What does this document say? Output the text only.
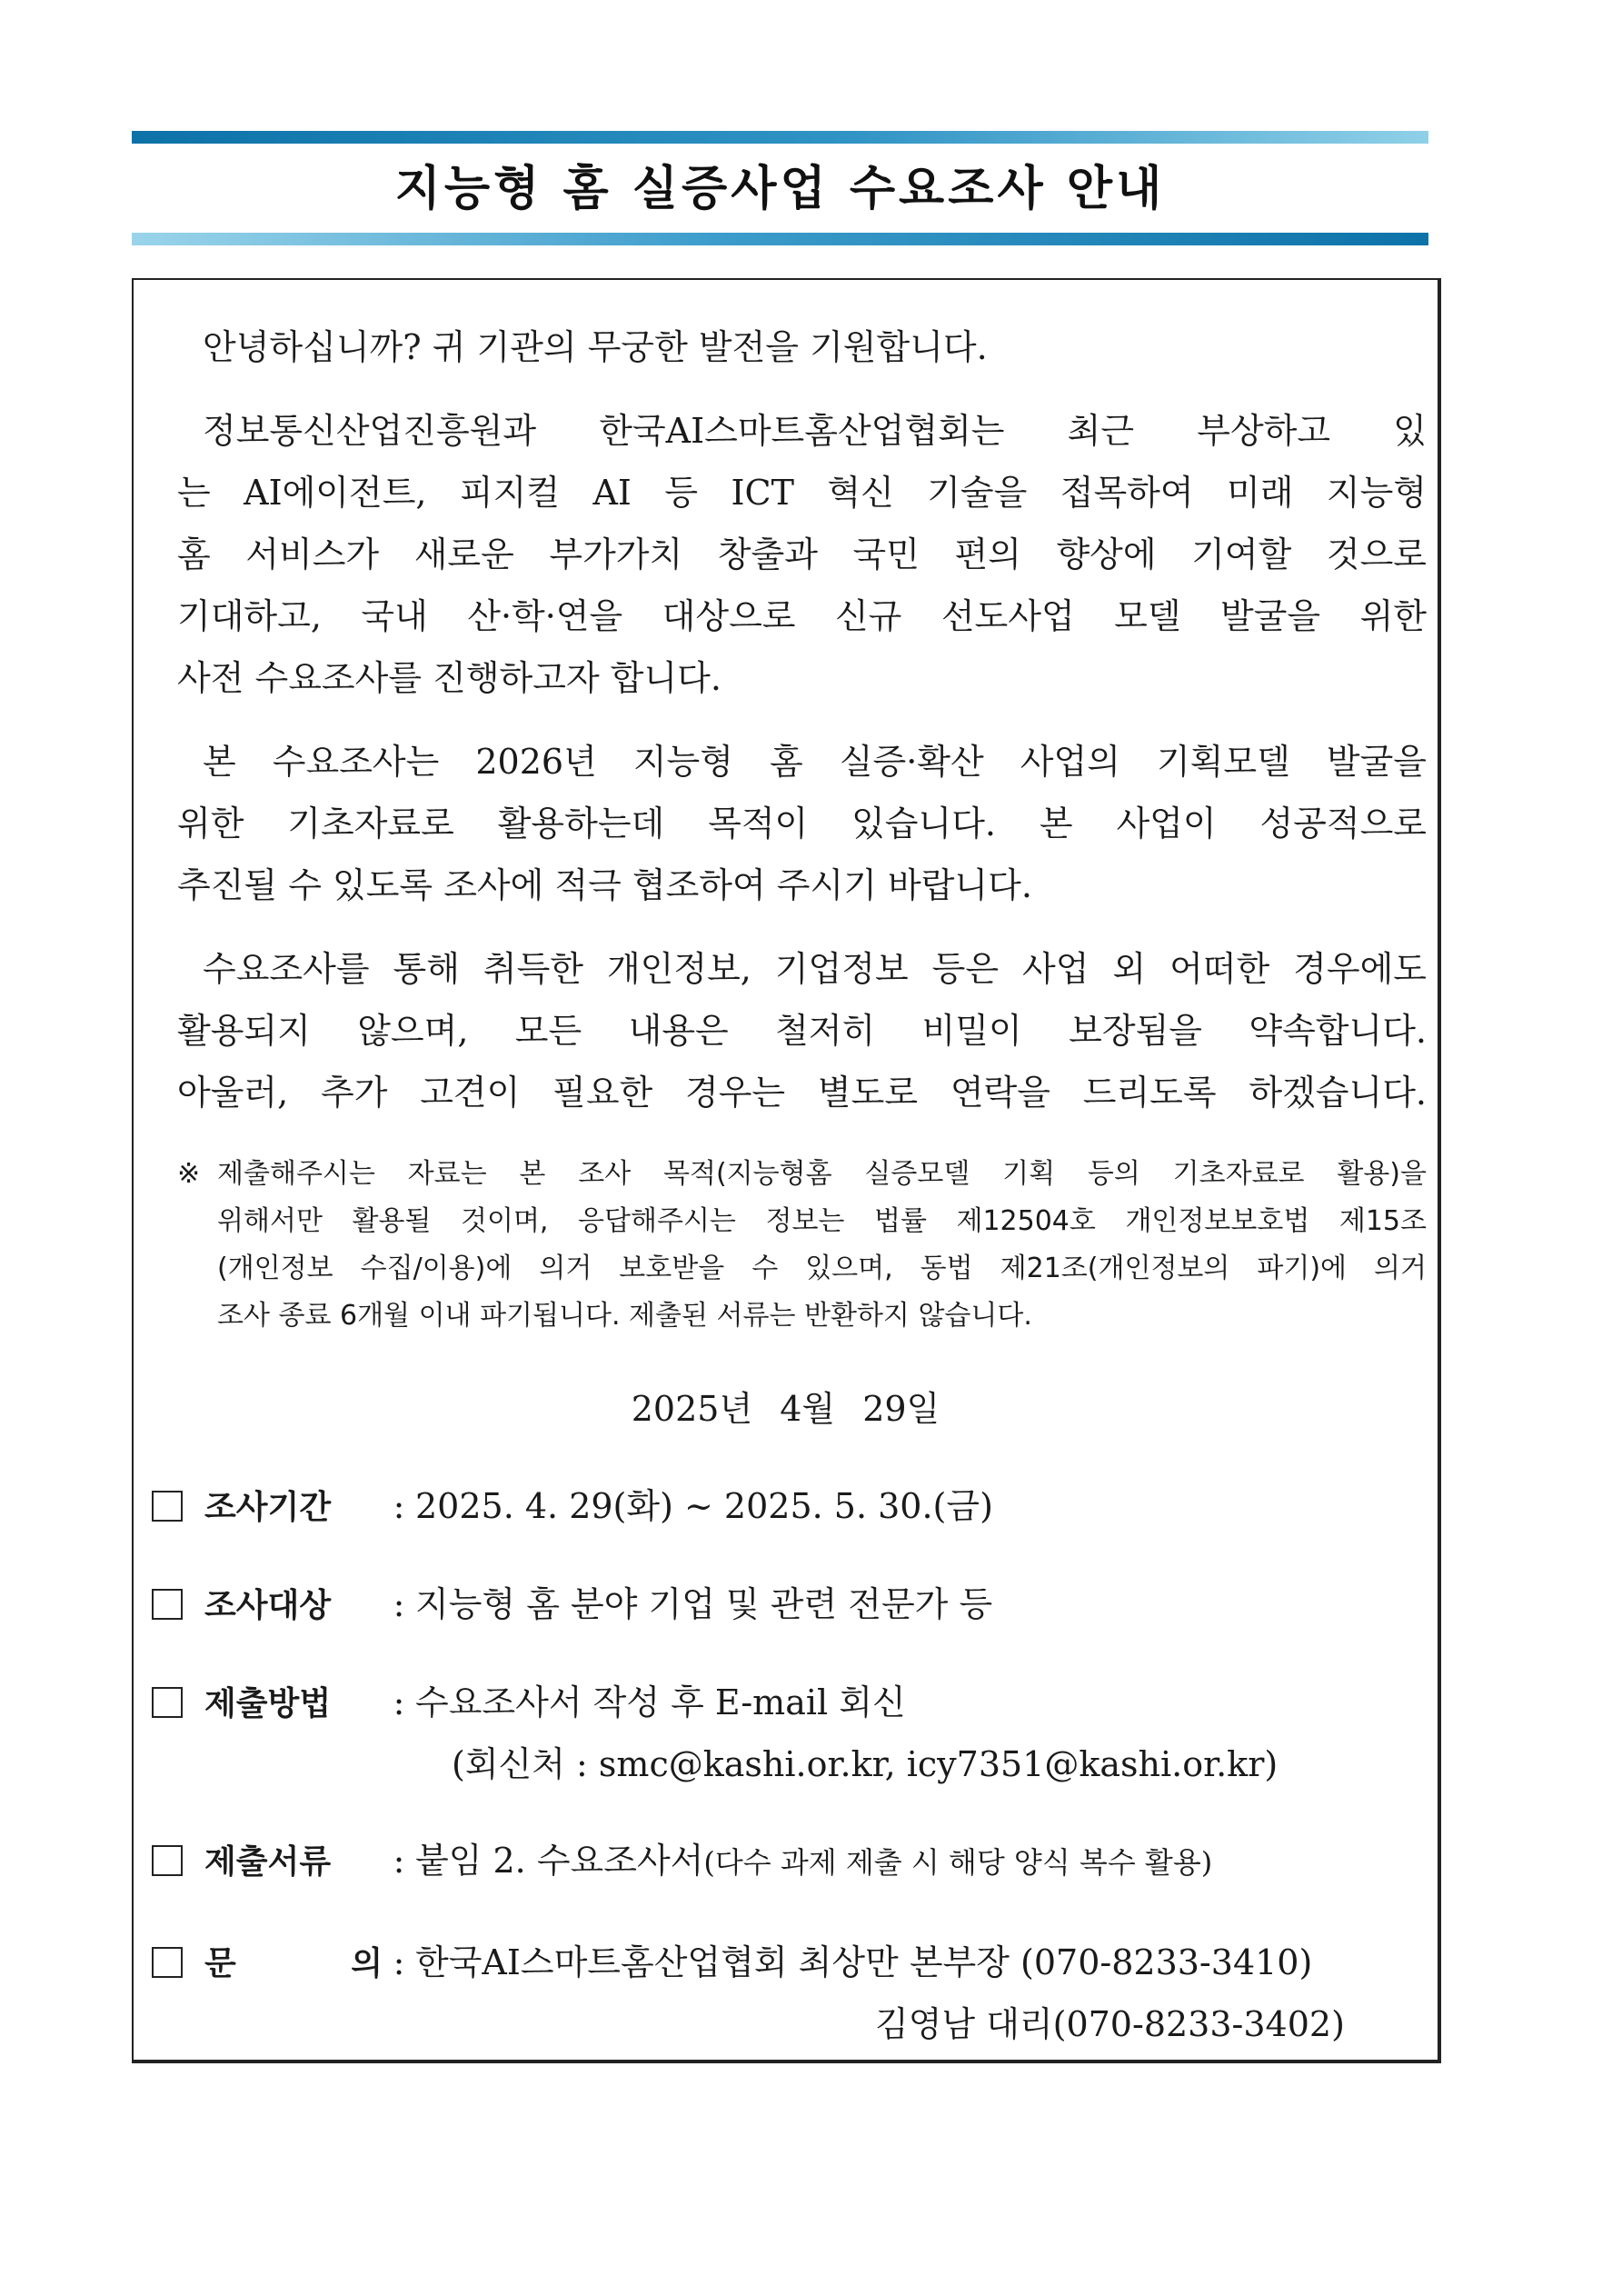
지능형 홈 실증사업 수요조사 안내
안녕하십니까? 귀 기관의 무궁한 발전을 기원합니다.
정보통신산업진흥원과 한국AI스마트홈산업협회는 최근 부상하고 있
는 AI에이전트, 피지컬 AI 등 ICT 혁신 기술을 접목하여 미래 지능형
홈 서비스가 새로운 부가가치 창출과 국민 편의 향상에 기여할 것으로
기대하고, 국내 산·학·연을 대상으로 신규 선도사업 모델 발굴을 위한
사전 수요조사를 진행하고자 합니다.
본 수요조사는 2026년 지능형 홈 실증·확산 사업의 기획모델 발굴을
위한 기초자료로 활용하는데 목적이 있습니다. 본 사업이 성공적으로
추진될 수 있도록 조사에 적극 협조하여 주시기 바랍니다.
수요조사를 통해 취득한 개인정보, 기업정보 등은 사업 외 어떠한 경우에도
활용되지 않으며, 모든 내용은 철저히 비밀이 보장됨을 약속합니다.
아울러, 추가 고견이 필요한 경우는 별도로 연락을 드리도록 하겠습니다.
※ 제출해주시는 자료는 본 조사 목적(지능형홈 실증모델 기획 등의 기초자료로 활용)을
위해서만 활용될 것이며, 응답해주시는 정보는 법률 제12504호 개인정보보호법 제15조
(개인정보 수집/이용)에 의거 보호받을 수 있으며, 동법 제21조(개인정보의 파기)에 의거
조사 종료 6개월 이내 파기됩니다. 제출된 서류는 반환하지 않습니다.
2025년 4월 29일
조사기간 : 2025. 4. 29(화) ~ 2025. 5. 30.(금)
조사대상 : 지능형 홈 분야 기업 및 관련 전문가 등
제출방법 : 수요조사서 작성 후 E-mail 회신
(회신처 : smc@kashi.or.kr, icy7351@kashi.or.kr)
제출서류 : 붙임 2. 수요조사서(다수 과제 제출 시 해당 양식 복수 활용)
문 의 : 한국AI스마트홈산업협회 최상만 본부장 (070-8233-3410)
김영남 대리(070-8233-3402)
